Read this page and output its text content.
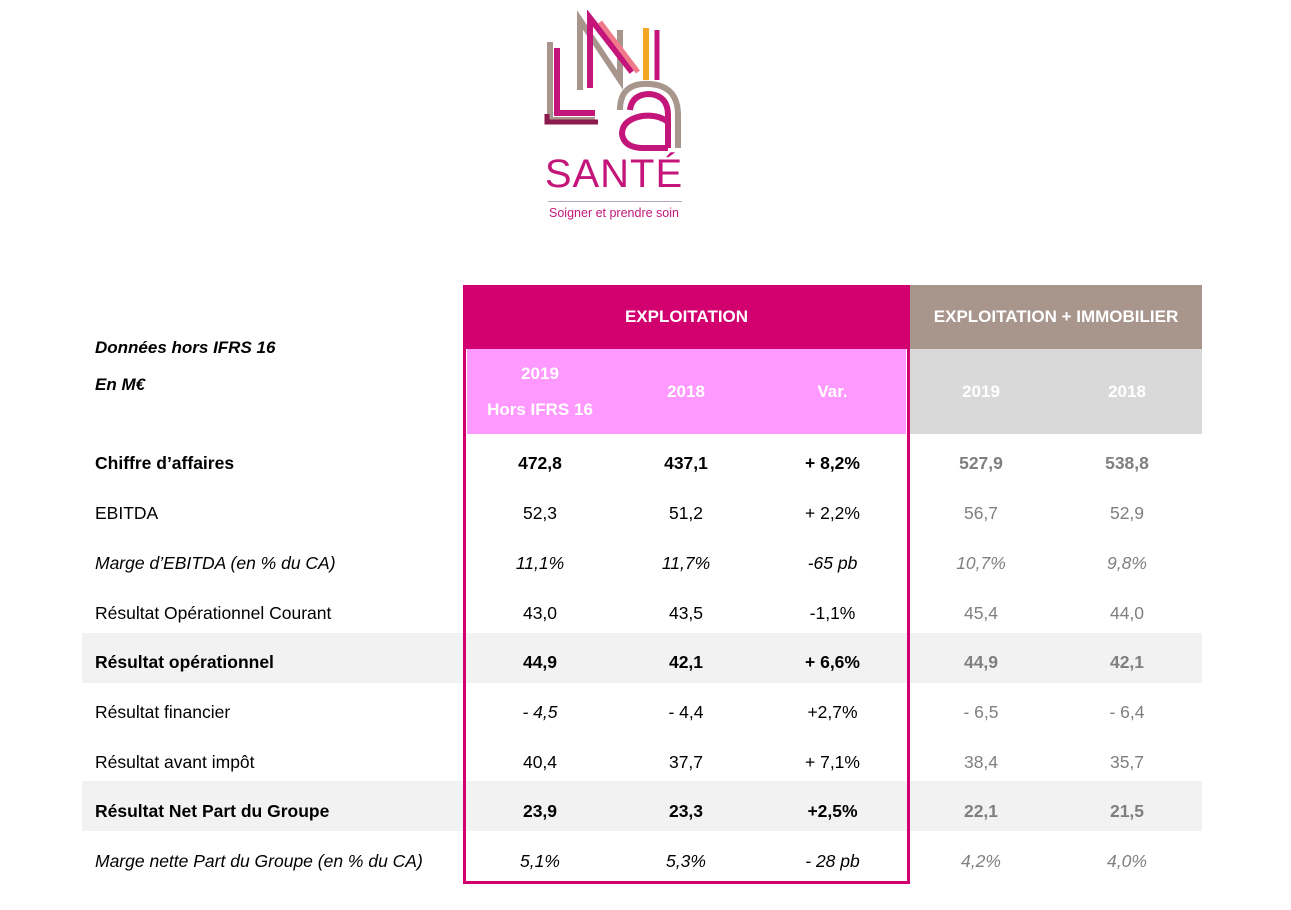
SANTÉ
Soigner et prendre soin
Données hors IFRS 16
En M€
EXPLOITATION	EXPLOITATION + IMMOBILIER
2019
Hors IFRS 16
2018	Var.	2019	2018
Chiffre d’affaires	472,8	437,1	+ 8,2%	527,9	538,8
EBITDA	52,3	51,2	+ 2,2%	56,7	52,9
Marge d’EBITDA (en % du CA)	11,1%	11,7%	-65 pb	10,7%	9,8%
Résultat Opérationnel Courant	43,0	43,5	-1,1%	45,4	44,0
Résultat opérationnel	44,9	42,1	+ 6,6%	44,9	42,1
Résultat financier	- 4,5	- 4,4	+2,7%	- 6,5	- 6,4
Résultat avant impôt	40,4	37,7	+ 7,1%	38,4	35,7
Résultat Net Part du Groupe	23,9	23,3	+2,5%	22,1	21,5
Marge nette Part du Groupe (en % du CA)	5,1%	5,3%	- 28 pb	4,2%	4,0%
